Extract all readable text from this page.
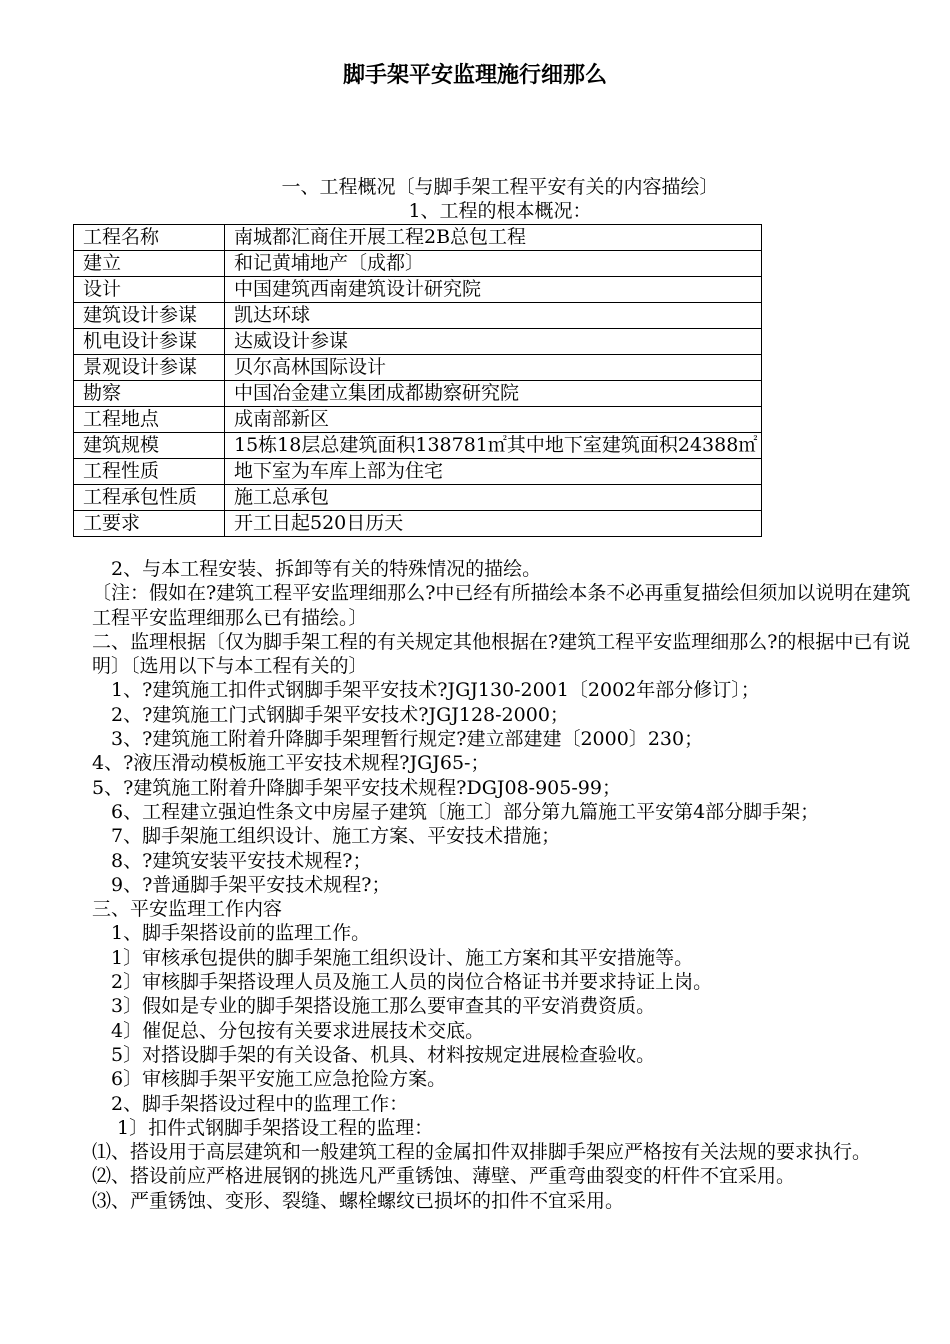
脚手架平安监理施行细那么
一、工程概况〔与脚手架工程平安有关的内容描绘〕
1、工程的根本概况：
工程名称	南城都汇商住开展工程2B总包工程
建立	和记黄埔地产〔成都〕
设计	中国建筑西南建筑设计研究院
建筑设计参谋	凯达环球
机电设计参谋	达威设计参谋
景观设计参谋	贝尔高林国际设计
勘察	中国冶金建立集团成都勘察研究院
工程地点	成南部新区
建筑规模	15栋18层总建筑面积138781㎡其中地下室建筑面积24388㎡
工程性质	地下室为车库上部为住宅
工程承包性质	施工总承包
工要求	开工日起520日历天

　2、与本工程安装、拆卸等有关的特殊情况的描绘。

〔注：假如在?建筑工程平安监理细那么?中已经有所描绘本条不必再重复描绘但须加以说明在建筑工程平安监理细那么已有描绘。〕

二、监理根据〔仅为脚手架工程的有关规定其他根据在?建筑工程平安监理细那么?的根据中已有说明〕〔选用以下与本工程有关的〕

　1、?建筑施工扣件式钢脚手架平安技术?JGJ130-2001〔2002年部分修订〕；

　2、?建筑施工门式钢脚手架平安技术?JGJ128-2000；

　3、?建筑施工附着升降脚手架理暂行规定?建立部建建〔2000〕230；

4、?液压滑动模板施工平安技术规程?JGJ65-；

5、?建筑施工附着升降脚手架平安技术规程?DGJ08-905-99；

　6、工程建立强迫性条文中房屋子建筑〔施工〕部分第九篇施工平安第4部分脚手架；

　7、脚手架施工组织设计、施工方案、平安技术措施；

　8、?建筑安装平安技术规程?；

　9、?普通脚手架平安技术规程?；

三、平安监理工作内容

　1、脚手架搭设前的监理工作。

　1〕审核承包提供的脚手架施工组织设计、施工方案和其平安措施等。

　2〕审核脚手架搭设理人员及施工人员的岗位合格证书并要求持证上岗。

　3〕假如是专业的脚手架搭设施工那么要审查其的平安消费资质。

　4〕催促总、分包按有关要求进展技术交底。

　5〕对搭设脚手架的有关设备、机具、材料按规定进展检查验收。

　6〕审核脚手架平安施工应急抢险方案。

　2、脚手架搭设过程中的监理工作：

　 1〕扣件式钢脚手架搭设工程的监理：

⑴、搭设用于高层建筑和一般建筑工程的金属扣件双排脚手架应严格按有关法规的要求执行。

⑵、搭设前应严格进展钢的挑选凡严重锈蚀、薄壁、严重弯曲裂变的杆件不宜采用。

⑶、严重锈蚀、变形、裂缝、螺栓螺纹已损坏的扣件不宜采用。
